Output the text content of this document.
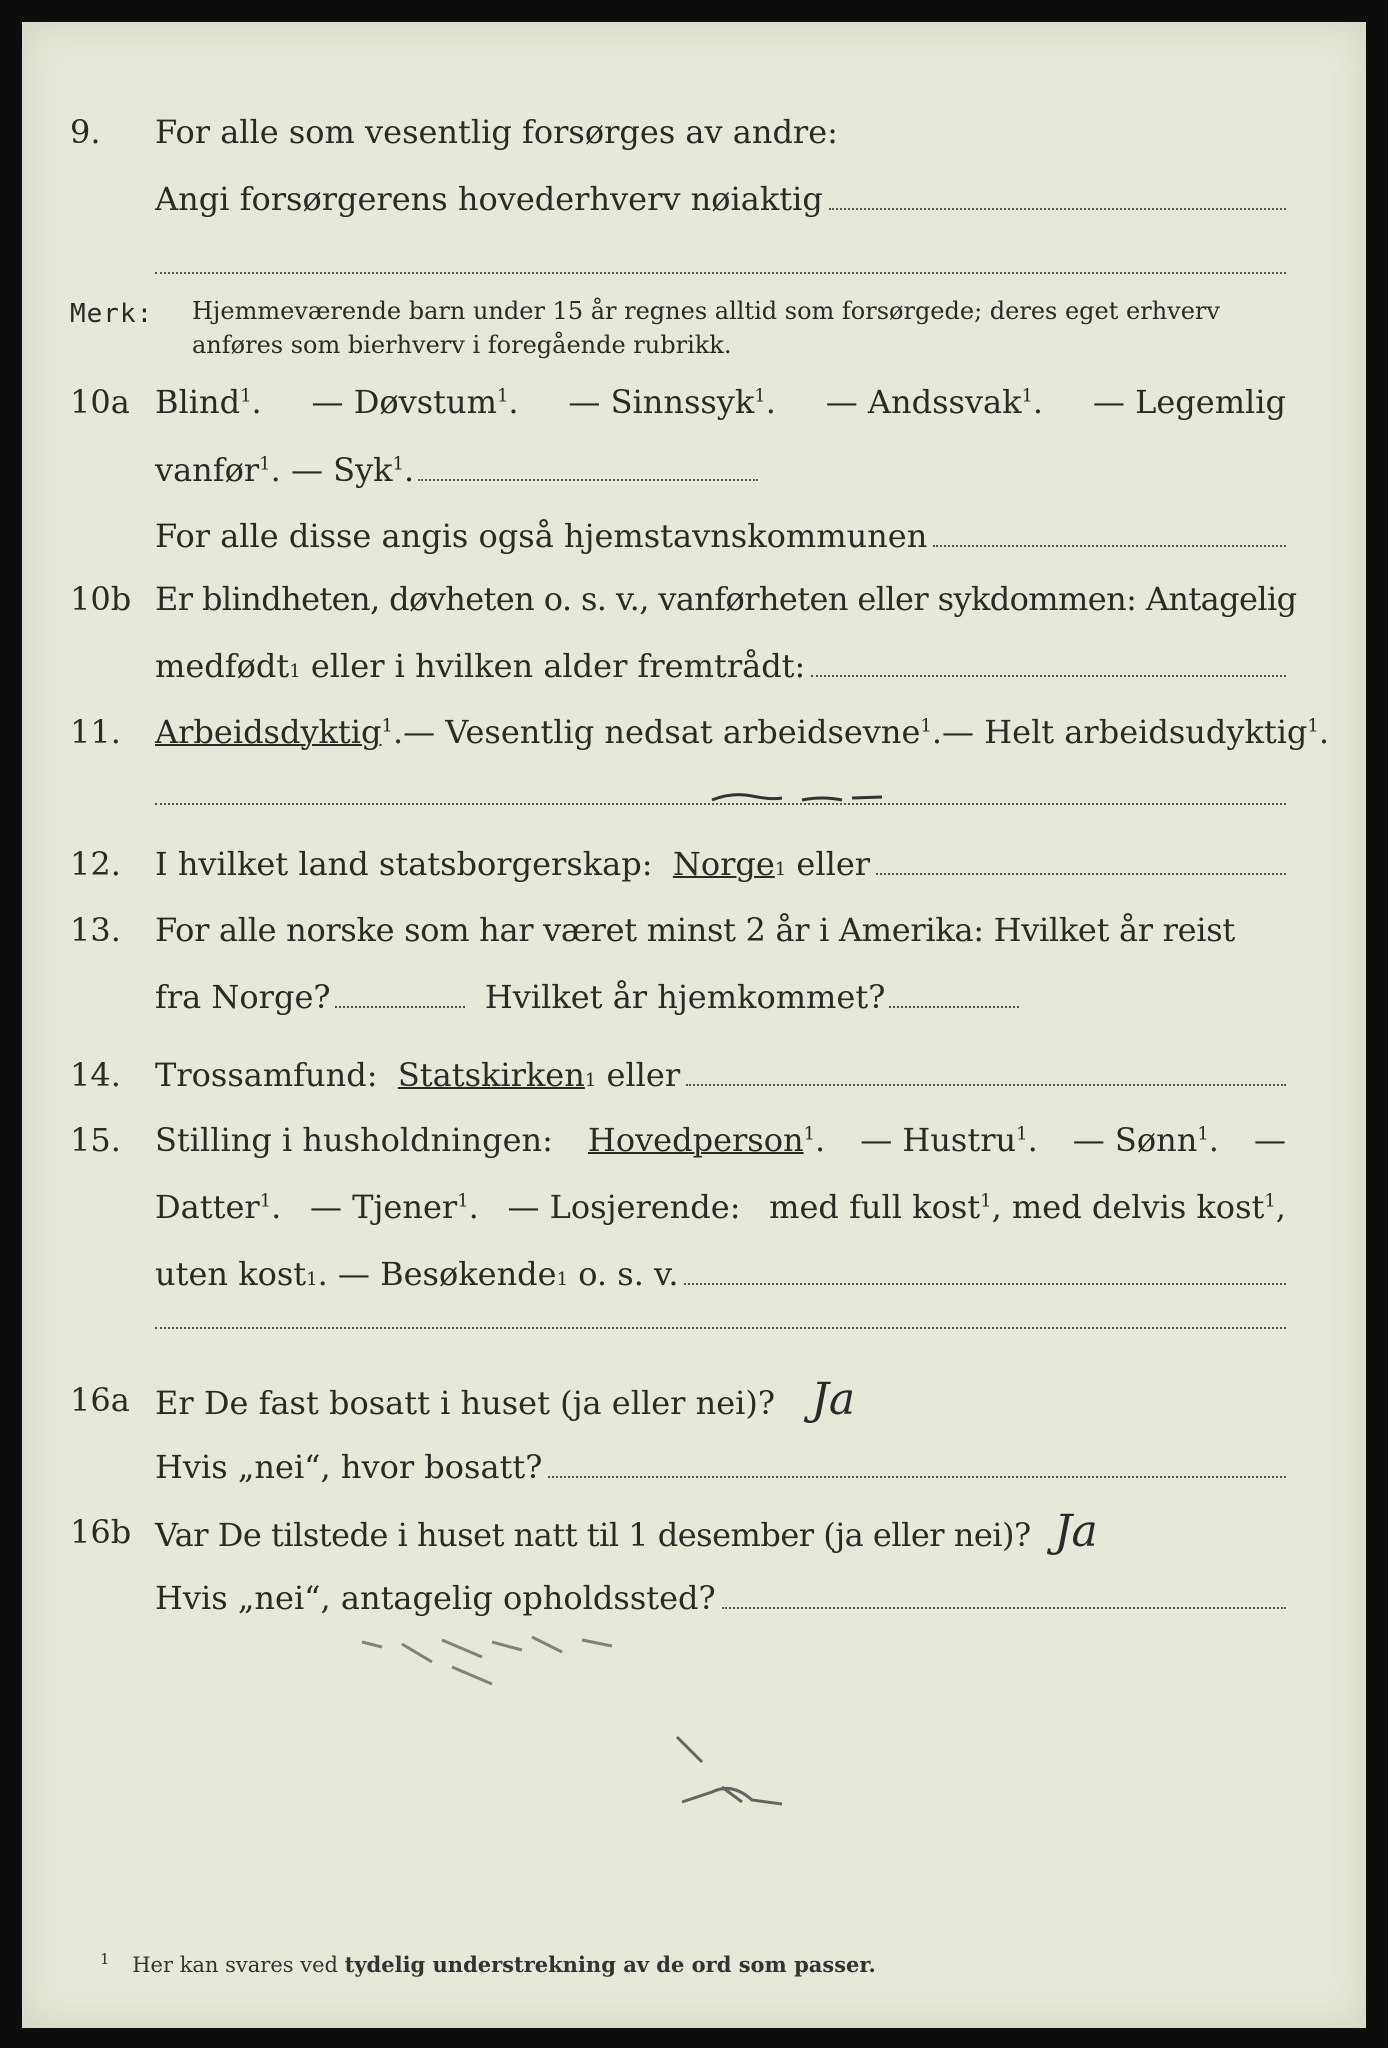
9. For alle som vesentlig forsørges av andre:
Angi forsørgerens hovederhverv nøiaktig
Merk: Hjemmeværende barn under 15 år regnes alltid som forsørgede; deres eget erhverv anføres som bierhverv i foregående rubrikk.
10a Blind$^1$. — Døvstum$^1$. — Sinnssyk$^1$. — Andssvak$^1$. — Legemlig
vanfør$^1$. — Syk$^1$.
For alle disse angis også hjemstavnskommunen
10b Er blindheten, døvheten o. s. v., vanførheten eller sykdommen: Antagelig
medfødt 1
eller i hvilken alder fremtrådt:
11. Arbeidsdyktig$^1$. — Vesentlig nedsat arbeidsevne$^1$. — Helt arbeidsudyktig$^1$.
12. I hvilket land statsborgerskap:
Norge 1
eller
13. For alle norske som har været minst 2 år i Amerika: Hvilket år reist
fra Norge?	Hvilket år hjemkommet?
14. Trossamfund:
Statskirken 1
eller
15. Stilling i husholdningen: Hovedperson$^1$. — Hustru$^1$. — Sønn$^1$. —
Datter$^1$. — Tjener$^1$. — Losjerende: med full kost$^1$, med delvis kost$^1$,
uten kost 1 . — Besøkende 1
o. s. v.
16a Er De fast bosatt i huset (ja eller nei)? Ja
Hvis „nei“, hvor bosatt?
16b Var De tilstede i huset natt til 1 desember (ja eller nei)? Ja
Hvis „nei“, antagelig opholdssted?
$^1$ Her kan svares ved tydelig understrekning av de ord som passer.
